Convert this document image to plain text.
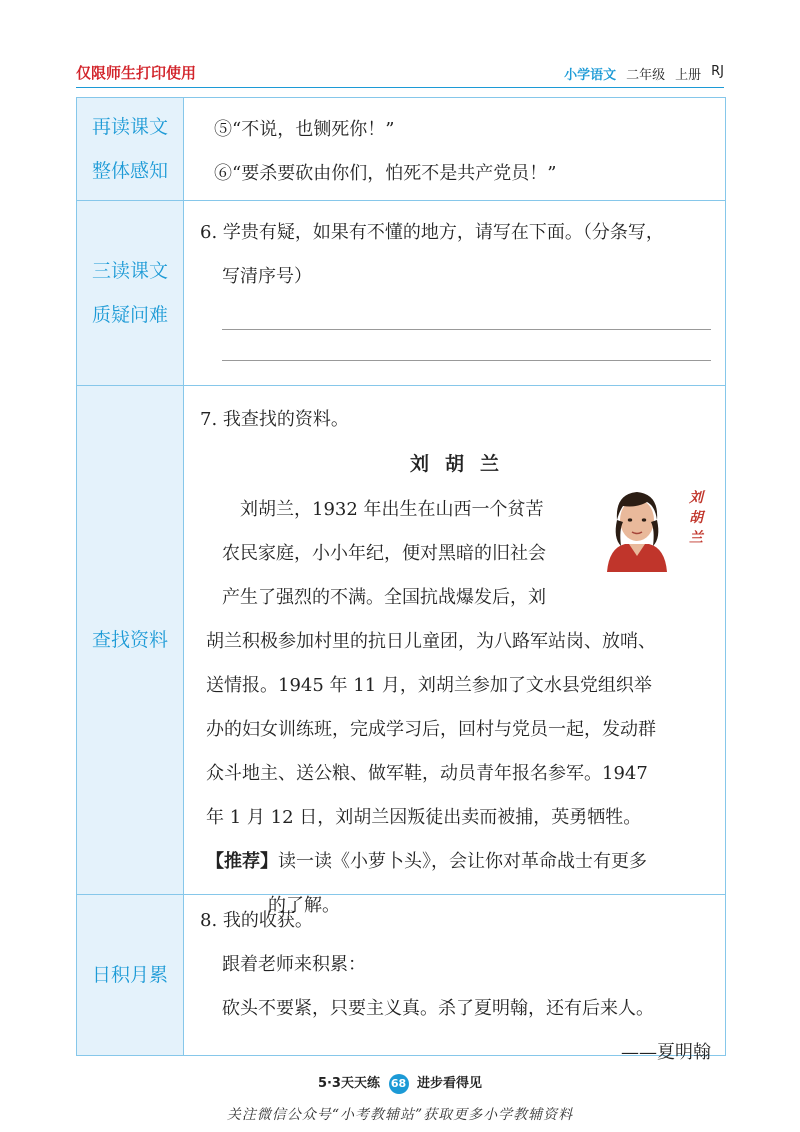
仅限师生打印使用	小学语文 二年级 上册 RJ
再读课文
整体感知
⑤“不说，也铡死你！”
⑥“要杀要砍由你们，怕死不是共产党员！”
三读课文
质疑问难
6. 学贵有疑，如果有不懂的地方，请写在下面。（分条写，
写清序号）
查找资料
7. 我查找的资料。
刘胡兰
刘胡兰
刘胡兰，1932 年出生在山西一个贫苦
农民家庭，小小年纪，便对黑暗的旧社会
产生了强烈的不满。全国抗战爆发后，刘
胡兰积极参加村里的抗日儿童团，为八路军站岗、放哨、
送情报。1945 年 11 月，刘胡兰参加了文水县党组织举
办的妇女训练班，完成学习后，回村与党员一起，发动群
众斗地主、送公粮、做军鞋，动员青年报名参军。1947
年 1 月 12 日，刘胡兰因叛徒出卖而被捕，英勇牺牲。
【推荐】读一读《小萝卜头》，会让你对革命战士有更多
的了解。
日积月累
8. 我的收获。
跟着老师来积累：
砍头不要紧，只要主义真。杀了夏明翰，还有后来人。
——夏明翰
5·3天天练 68 进步看得见
关注微信公众号“小考教辅站”获取更多小学教辅资料
